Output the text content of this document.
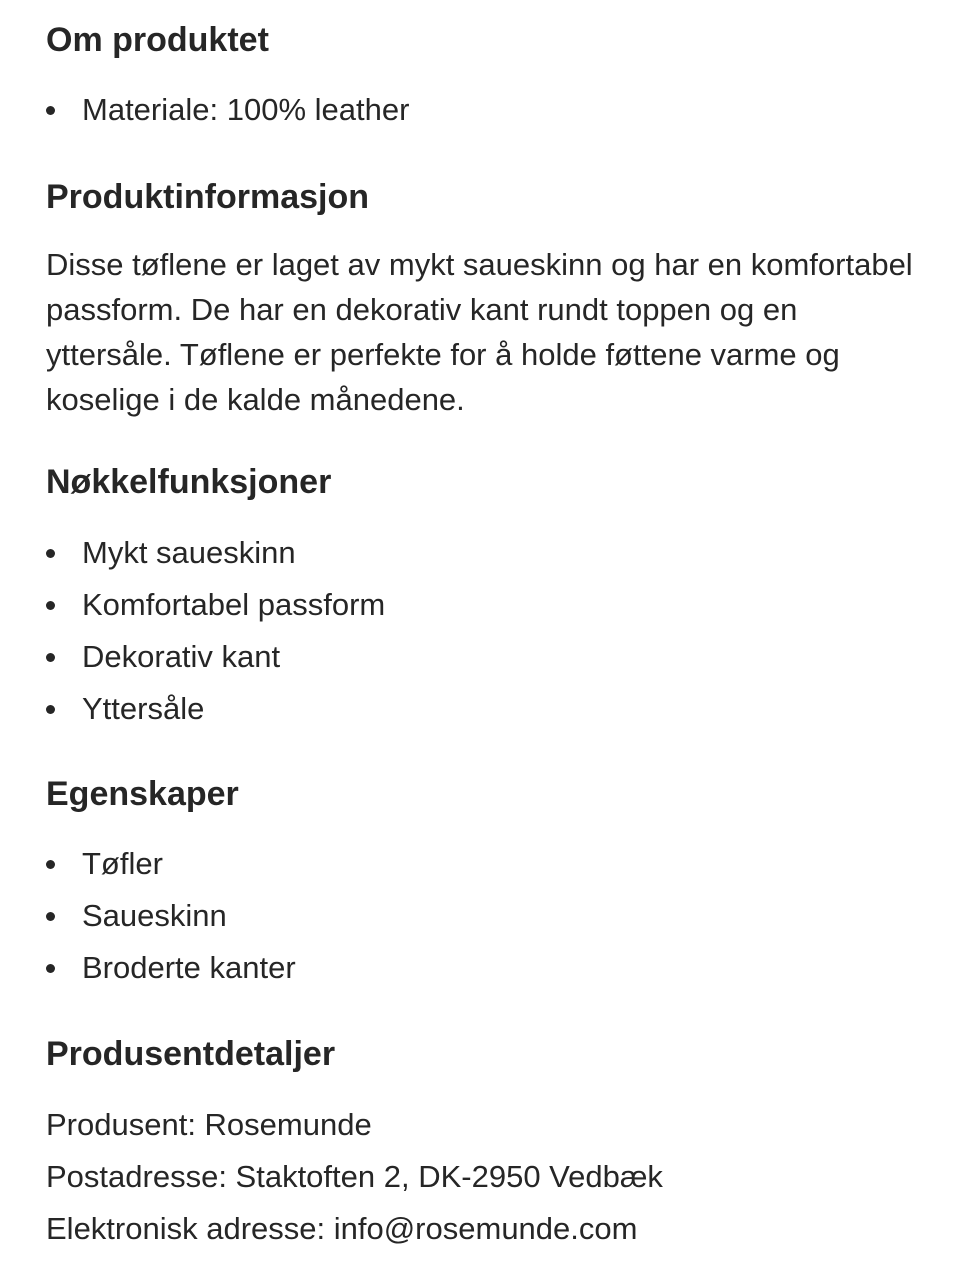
Om produktet
Materiale: 100% leather
Produktinformasjon

Disse tøflene er laget av mykt saueskinn og har en komfortabel passform. De har en dekorativ kant rundt toppen og en yttersåle. Tøflene er perfekte for å holde føttene varme og koselige i de kalde månedene.

Nøkkelfunksjoner
Mykt saueskinn
Komfortabel passform
Dekorativ kant
Yttersåle
Egenskaper
Tøfler
Saueskinn
Broderte kanter
Produsentdetaljer
Produsent: Rosemunde
Postadresse: Staktoften 2, DK-2950 Vedbæk
Elektronisk adresse: info@rosemunde.com
